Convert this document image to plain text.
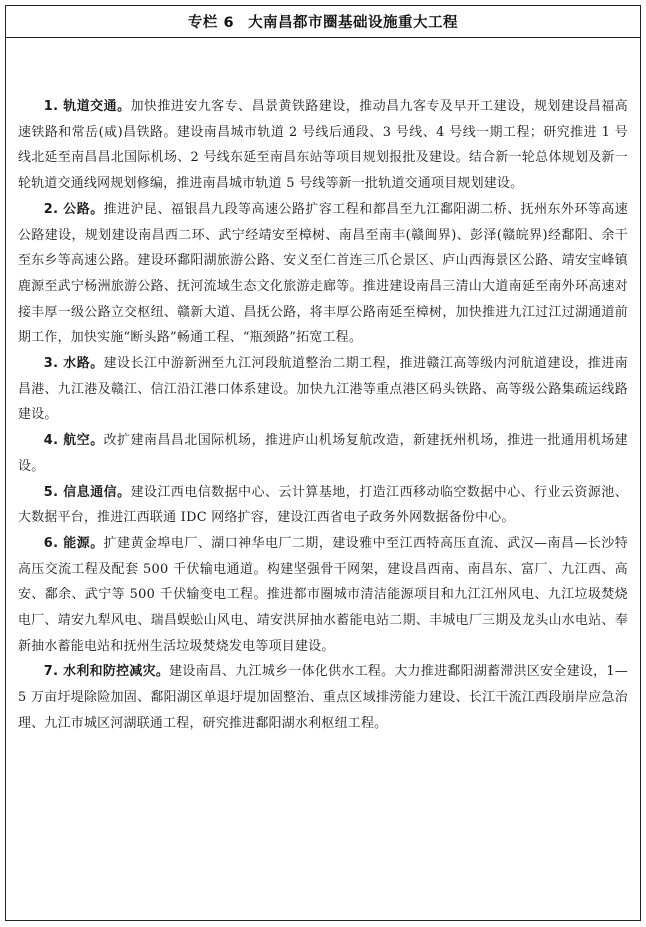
专栏 6 大南昌都市圈基础设施重大工程

1. 轨道交通。加快推进安九客专、昌景黄铁路建设，推动昌九客专及早开工建设，规划建设昌福高速铁路和常岳(咸)昌铁路。建设南昌城市轨道 2 号线后通段、3 号线、4 号线一期工程；研究推进 1 号线北延至南昌昌北国际机场、2 号线东延至南昌东站等项目规划报批及建设。结合新一轮总体规划及新一轮轨道交通线网规划修编，推进南昌城市轨道 5 号线等新一批轨道交通项目规划建设。

2. 公路。推进沪昆、福银昌九段等高速公路扩容工程和都昌至九江鄱阳湖二桥、抚州东外环等高速公路建设，规划建设南昌西二环、武宁经靖安至樟树、南昌至南丰(赣闽界)、彭泽(赣皖界)经鄱阳、余干至东乡等高速公路。建设环鄱阳湖旅游公路、安义至仁首连三爪仑景区、庐山西海景区公路、靖安宝峰镇鹿源至武宁杨洲旅游公路、抚河流域生态文化旅游走廊等。推进建设南昌三清山大道南延至南外环高速对接丰厚一级公路立交枢纽、赣新大道、昌抚公路，将丰厚公路南延至樟树，加快推进九江过江过湖通道前期工作，加快实施“断头路”畅通工程、“瓶颈路”拓宽工程。

3. 水路。建设长江中游新洲至九江河段航道整治二期工程，推进赣江高等级内河航道建设，推进南昌港、九江港及赣江、信江沿江港口体系建设。加快九江港等重点港区码头铁路、高等级公路集疏运线路建设。

4. 航空。改扩建南昌昌北国际机场，推进庐山机场复航改造，新建抚州机场，推进一批通用机场建设。

5. 信息通信。建设江西电信数据中心、云计算基地，打造江西移动临空数据中心、行业云资源池、大数据平台，推进江西联通 IDC 网络扩容，建设江西省电子政务外网数据备份中心。

6. 能源。扩建黄金埠电厂、湖口神华电厂二期，建设雅中至江西特高压直流、武汉—南昌—长沙特高压交流工程及配套 500 千伏输电通道。构建坚强骨干网架，建设昌西南、南昌东、富厂、九江西、高安、鄱余、武宁等 500 千伏输变电工程。推进都市圈城市清洁能源项目和九江江州风电、九江垃圾焚烧电厂、靖安九犁风电、瑞昌蜈蚣山风电、靖安洪屏抽水蓄能电站二期、丰城电厂三期及龙头山水电站、奉新抽水蓄能电站和抚州生活垃圾焚烧发电等项目建设。

7. 水利和防控减灾。建设南昌、九江城乡一体化供水工程。大力推进鄱阳湖蓄滞洪区安全建设，1—5 万亩圩堤除险加固、鄱阳湖区单退圩堤加固整治、重点区域排涝能力建设、长江干流江西段崩岸应急治理、九江市城区河湖联通工程，研究推进鄱阳湖水利枢纽工程。
